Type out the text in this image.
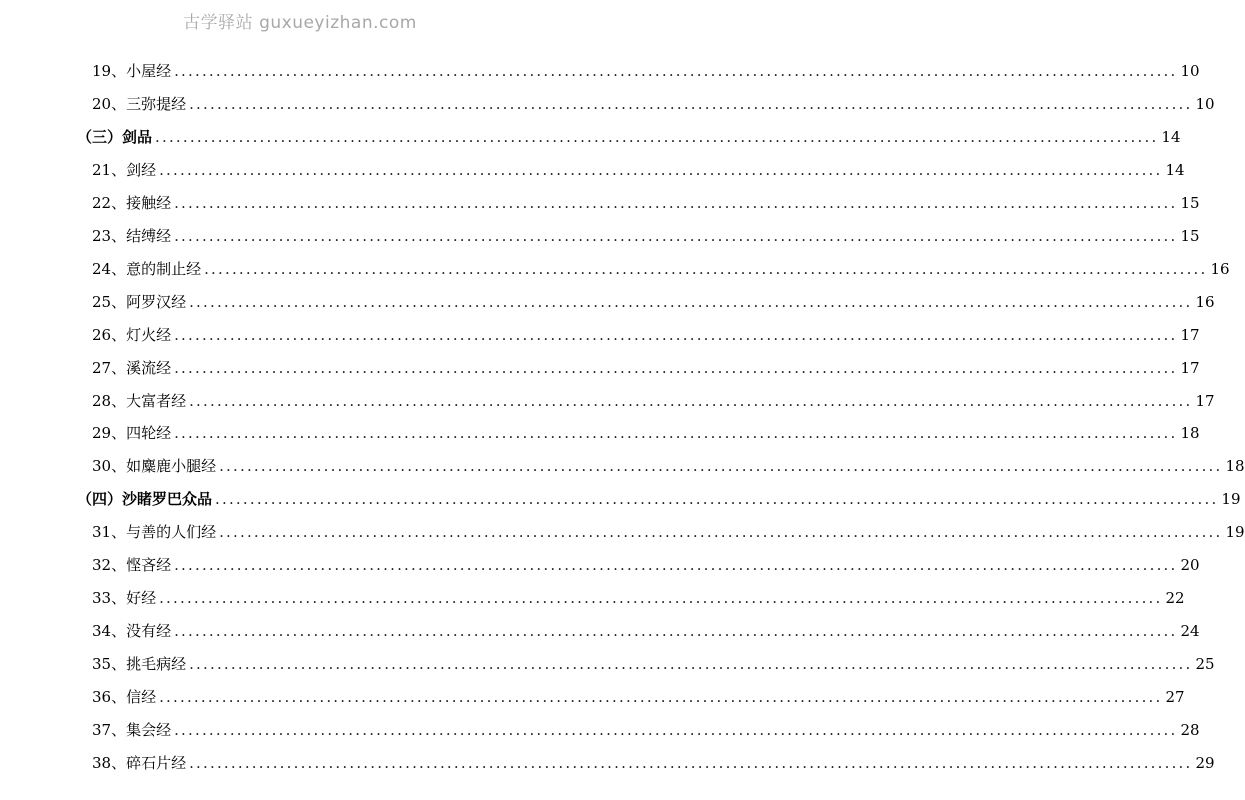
古学驿站 guxueyizhan.com
19、小屋经 ................................................................................................................................................ 10
20、三弥提经 ................................................................................................................................................ 10
（三）剑品 ................................................................................................................................................ 14
21、剑经 ................................................................................................................................................ 14
22、接触经 ................................................................................................................................................ 15
23、结缚经 ................................................................................................................................................ 15
24、意的制止经 ................................................................................................................................................ 16
25、阿罗汉经 ................................................................................................................................................ 16
26、灯火经 ................................................................................................................................................ 17
27、溪流经 ................................................................................................................................................ 17
28、大富者经 ................................................................................................................................................ 17
29、四轮经 ................................................................................................................................................ 18
30、如麋鹿小腿经 ................................................................................................................................................ 18
（四）沙睹罗巴众品 ................................................................................................................................................ 19
31、与善的人们经 ................................................................................................................................................ 19
32、悭吝经 ................................................................................................................................................ 20
33、好经 ................................................................................................................................................ 22
34、没有经 ................................................................................................................................................ 24
35、挑毛病经 ................................................................................................................................................ 25
36、信经 ................................................................................................................................................ 27
37、集会经 ................................................................................................................................................ 28
38、碎石片经 ................................................................................................................................................ 29
